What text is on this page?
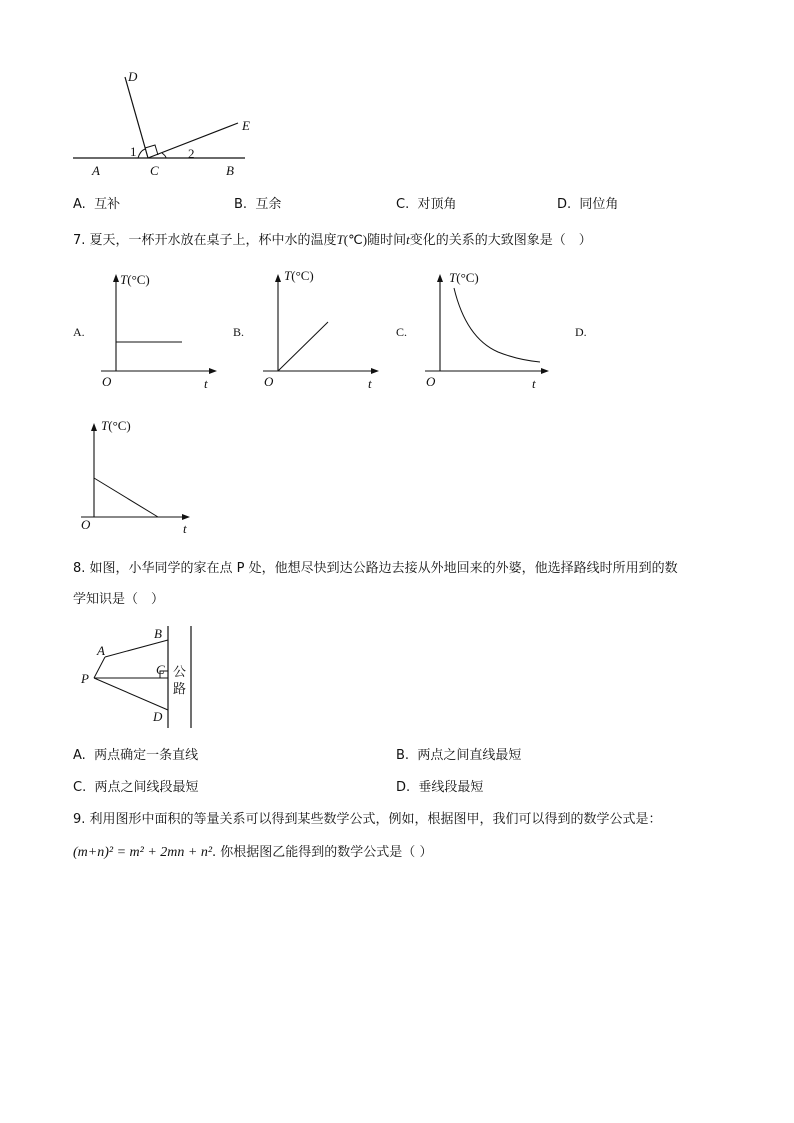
D
E
A	C	B
1	2
A. 互补	B. 互余	C. 对顶角	D. 同位角
7. 夏天，一杯开水放在桌子上，杯中水的温度T(℃)随时间t变化的关系的大致图象是（　）
A.	B.	C.	D.
T(°C)
O	t
T(°C)
O	t
T(°C)
O	t
T(°C)
O	t
8. 如图，小华同学的家在点 P 处，他想尽快到达公路边去接从外地回来的外婆，他选择路线时所用到的数
学知识是（　）
A
B
C
D
P	公
路
A. 两点确定一条直线	B. 两点之间直线最短
C. 两点之间线段最短	D. 垂线段最短
9. 利用图形中面积的等量关系可以得到某些数学公式，例如，根据图甲，我们可以得到的数学公式是：
(m+n)² = m² + 2mn + n². 你根据图乙能得到的数学公式是（ ）
